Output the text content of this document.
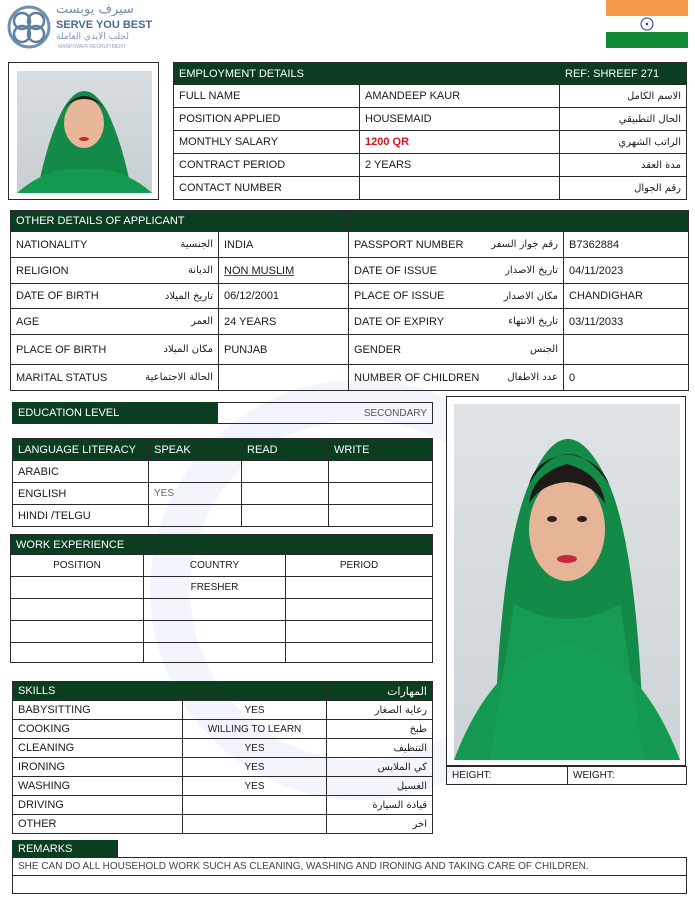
سيرف يوبست
SERVE YOU BEST
لجلب الايدي العاملة
MANPOWER RECRUITMENT
EMPLOYMENT DETAILS		REF: SHREEF 271
FULL NAME	AMANDEEP KAUR	الاسم الكامل
POSITION APPLIED	HOUSEMAID	الحال التطبيقي
MONTHLY SALARY	1200 QR	الراتب الشهري
CONTRACT PERIOD	2 YEARS	مدة العقد
CONTACT NUMBER		رقم الجوال
OTHER DETAILS OF APPLICANT			

NATIONALITY الجنسية	INDIA	PASSPORT NUMBER رقم جواز السفر	B7362884

RELIGION الديانة	NON MUSLIM	DATE OF ISSUE تاريخ الاصدار	04/11/2023

DATE OF BIRTH تاريخ الميلاد	06/12/2001	PLACE OF ISSUE مكان الاصدار	CHANDIGHAR

AGE العمر	24 YEARS	DATE OF EXPIRY تاريخ الانتهاء	03/11/2033

PLACE OF BIRTH مكان الميلاد	PUNJAB	GENDER الجنس	

MARITAL STATUS الحالة الاجتماعية		NUMBER OF CHILDREN عدد الاطفال	0
EDUCATION LEVEL	SECONDARY
LANGUAGE LITERACY	SPEAK	READ	WRITE
ARABIC			
ENGLISH	YES		
HINDI /TELGU			
WORK EXPERIENCE		
POSITION	COUNTRY	PERIOD
	FRESHER	

SKILLS		المهارات
BABYSITTING	YES	رعاية الصغار
COOKING	WILLING TO LEARN	طبخ
CLEANING	YES	التنظيف
IRONING	YES	كي الملابس
WASHING	YES	الغسيل
DRIVING		قيادة السيارة
OTHER		اخر
HEIGHT:	WEIGHT:
REMARKS	
SHE CAN DO ALL HOUSEHOLD WORK SUCH AS CLEANING, WASHING AND IRONING AND TAKING CARE OF CHILDREN.
